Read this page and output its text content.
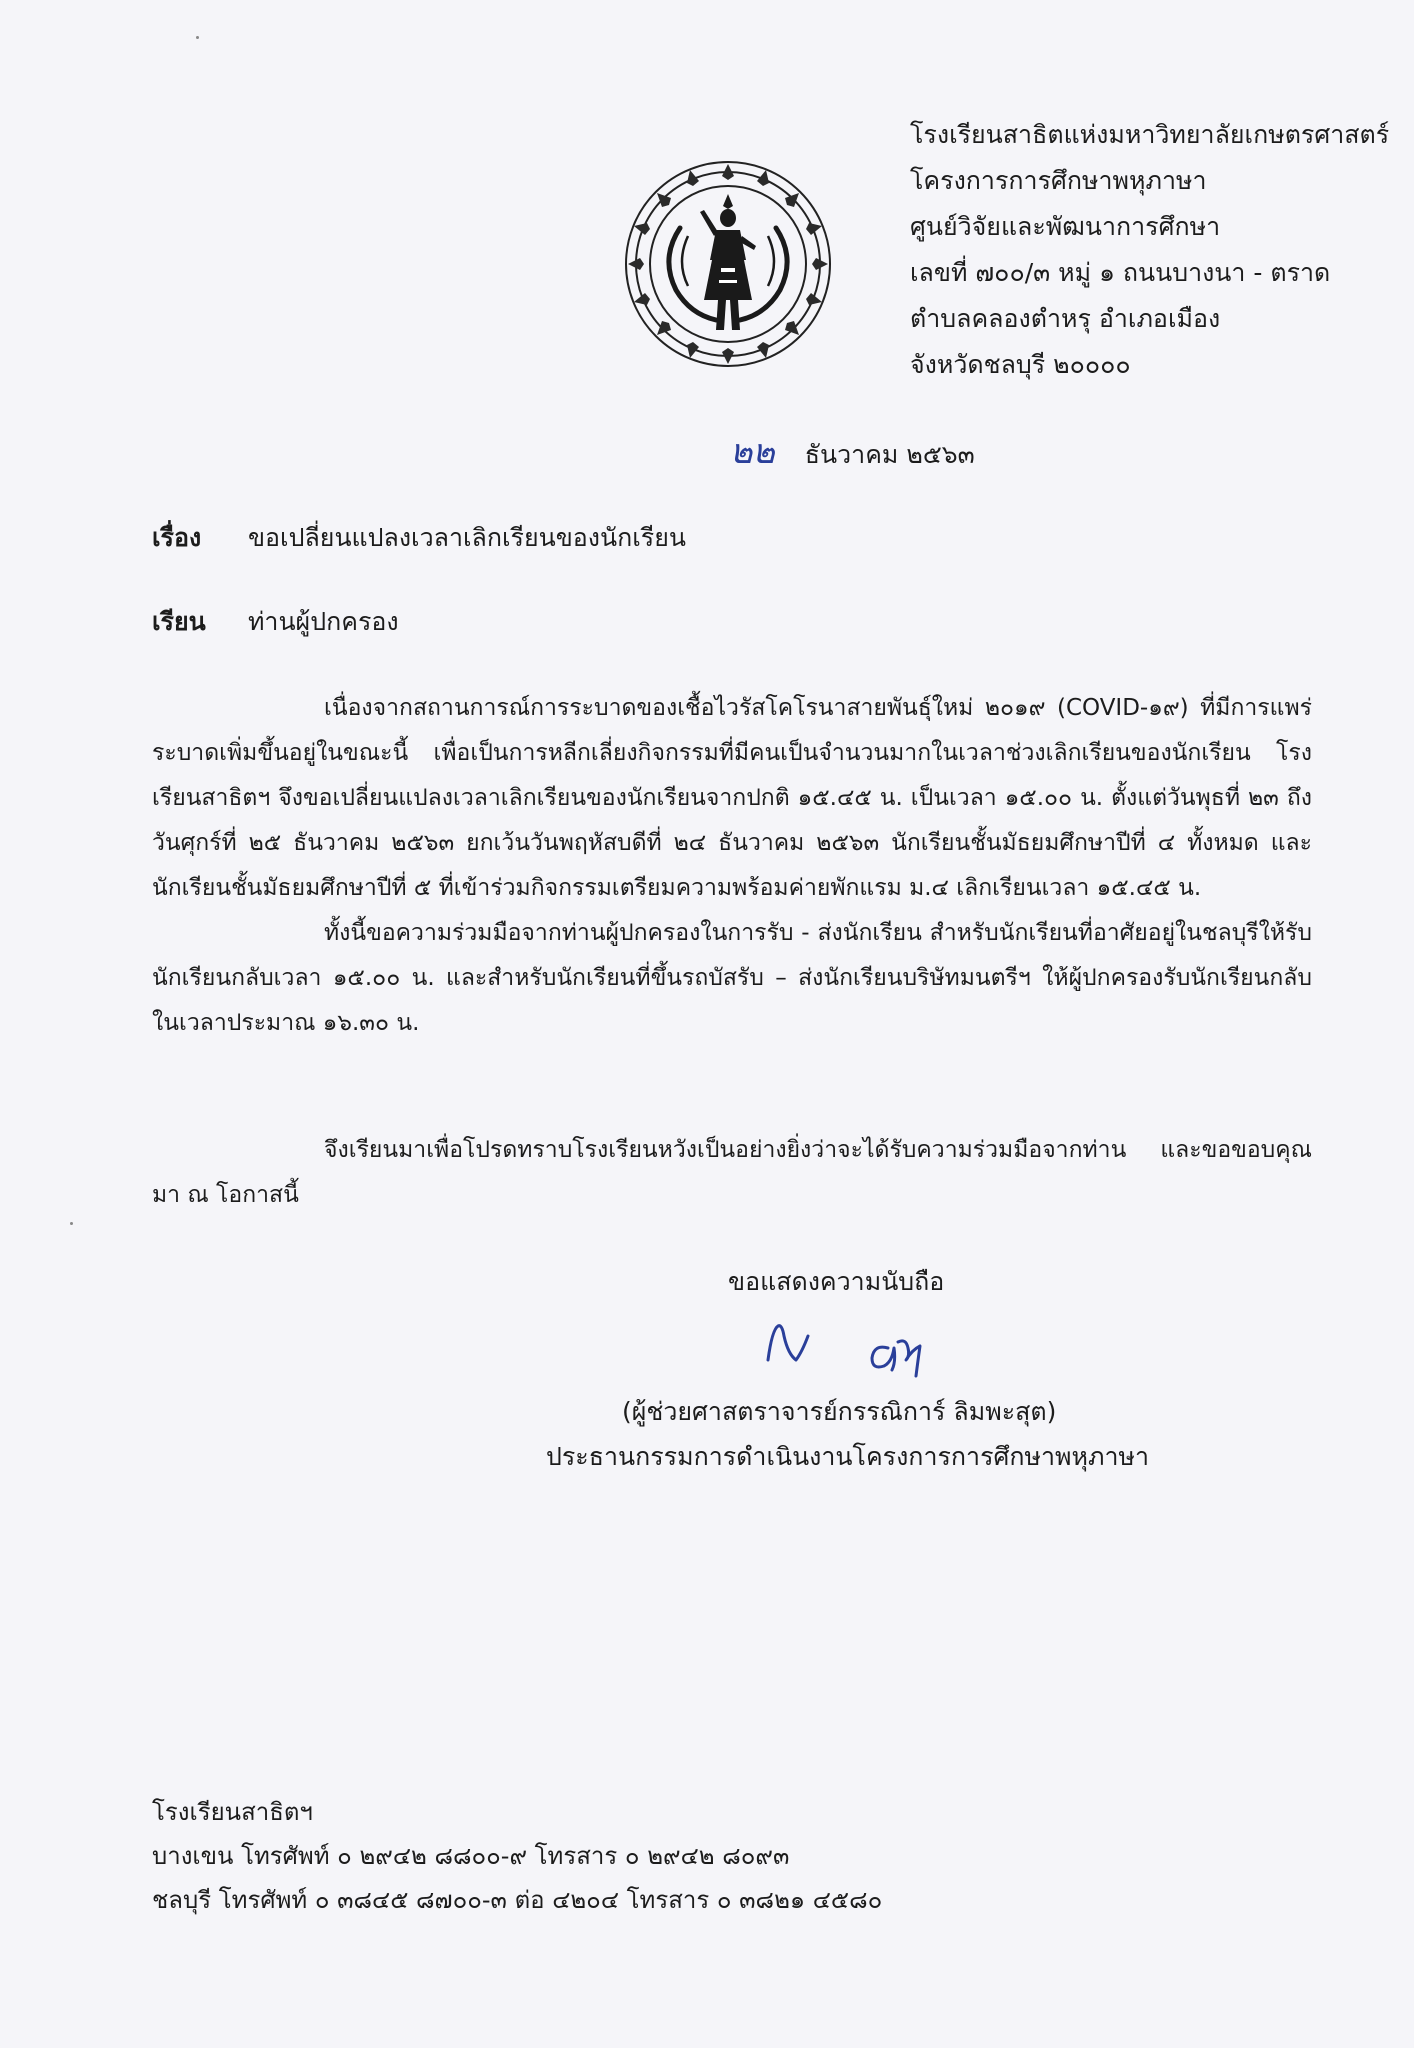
โรงเรียนสาธิตแห่งมหาวิทยาลัยเกษตรศาสตร์
โครงการการศึกษาพหุภาษา
ศูนย์วิจัยและพัฒนาการศึกษา
เลขที่ ๗๐๐/๓ หมู่ ๑ ถนนบางนา - ตราด
ตำบลคลองตำหรุ อำเภอเมือง
จังหวัดชลบุรี ๒๐๐๐๐
๒๒ ธันวาคม ๒๕๖๓
เรื่อง ขอเปลี่ยนแปลงเวลาเลิกเรียนของนักเรียน
เรียน ท่านผู้ปกครอง

เนื่องจากสถานการณ์การระบาดของเชื้อไวรัสโคโรนาสายพันธุ์ใหม่ ๒๐๑๙ (COVID-๑๙) ที่มีการแพร่ระบาดเพิ่มขึ้นอยู่ในขณะนี้ เพื่อเป็นการหลีกเลี่ยงกิจกรรมที่มีคนเป็นจำนวนมากในเวลาช่วงเลิกเรียนของนักเรียน โรงเรียนสาธิตฯ จึงขอเปลี่ยนแปลงเวลาเลิกเรียนของนักเรียนจากปกติ ๑๕.๔๕ น. เป็นเวลา ๑๕.๐๐ น. ตั้งแต่วันพุธที่ ๒๓ ถึงวันศุกร์ที่ ๒๕ ธันวาคม ๒๕๖๓ ยกเว้นวันพฤหัสบดีที่ ๒๔ ธันวาคม ๒๕๖๓ นักเรียนชั้นมัธยมศึกษาปีที่ ๔ ทั้งหมด และนักเรียนชั้นมัธยมศึกษาปีที่ ๕ ที่เข้าร่วมกิจกรรมเตรียมความพร้อมค่ายพักแรม ม.๔ เลิกเรียนเวลา ๑๕.๔๕ น.

ทั้งนี้ขอความร่วมมือจากท่านผู้ปกครองในการรับ - ส่งนักเรียน สำหรับนักเรียนที่อาศัยอยู่ในชลบุรีให้รับนักเรียนกลับเวลา ๑๕.๐๐ น. และสำหรับนักเรียนที่ขึ้นรถบัสรับ – ส่งนักเรียนบริษัทมนตรีฯ ให้ผู้ปกครองรับนักเรียนกลับในเวลาประมาณ ๑๖.๓๐ น.

จึงเรียนมาเพื่อโปรดทราบโรงเรียนหวังเป็นอย่างยิ่งว่าจะได้รับความร่วมมือจากท่าน และขอขอบคุณมา ณ โอกาสนี้

ขอแสดงความนับถือ
(ผู้ช่วยศาสตราจารย์กรรณิการ์ ลิมพะสุต)
ประธานกรรมการดำเนินงานโครงการการศึกษาพหุภาษา
โรงเรียนสาธิตฯ
บางเขน โทรศัพท์ ๐ ๒๙๔๒ ๘๘๐๐-๙ โทรสาร ๐ ๒๙๔๒ ๘๐๙๓
ชลบุรี โทรศัพท์ ๐ ๓๘๔๕ ๘๗๐๐-๓ ต่อ ๔๒๐๔ โทรสาร ๐ ๓๘๒๑ ๔๕๘๐
